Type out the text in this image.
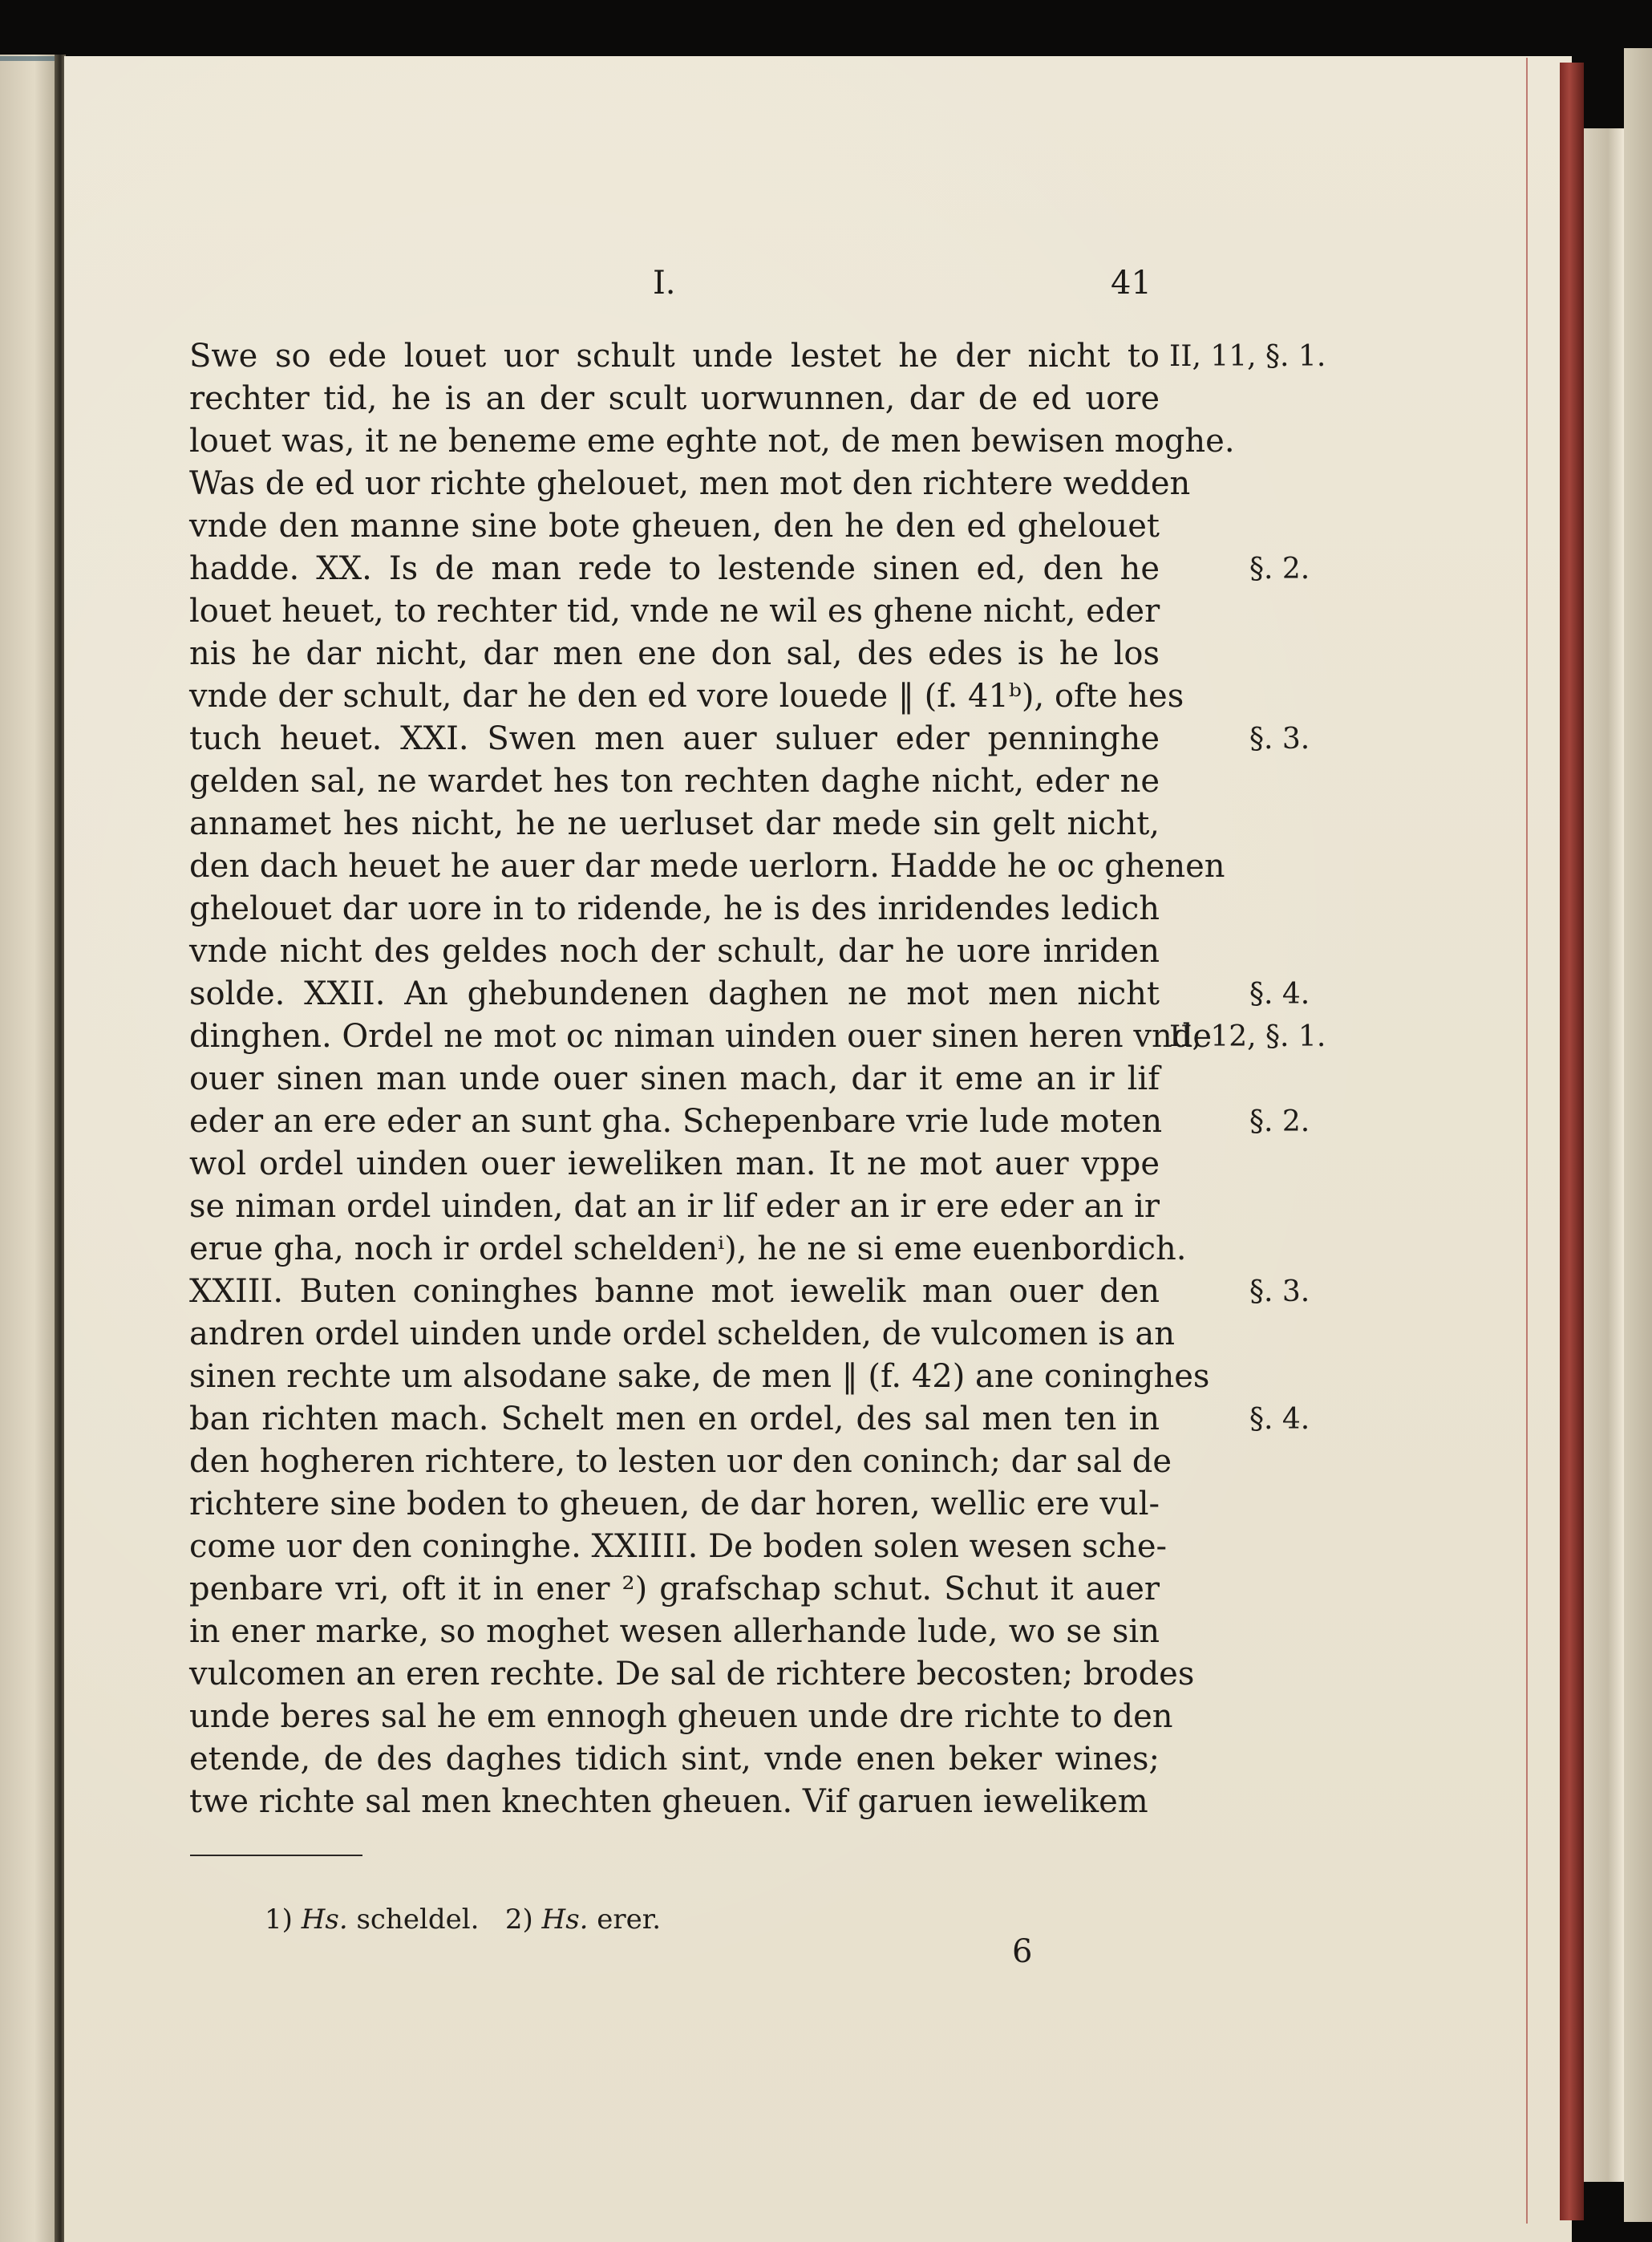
I.	41
Swe so ede louet uor schult unde lestet he der nicht to
rechter tid, he is an der scult uorwunnen, dar de ed uore
louet was, it ne beneme eme eghte not, de men bewisen moghe.
Was de ed uor richte ghelouet, men mot den richtere wedden
vnde den manne sine bote gheuen, den he den ed ghelouet
hadde. XX. Is de man rede to lestende sinen ed, den he
louet heuet, to rechter tid, vnde ne wil es ghene nicht, eder
nis he dar nicht, dar men ene don sal, des edes is he los
vnde der schult, dar he den ed vore louede ‖ (f. 41ᵇ), ofte hes
tuch heuet. XXI. Swen men auer suluer eder penninghe
gelden sal, ne wardet hes ton rechten daghe nicht, eder ne
annamet hes nicht, he ne uerluset dar mede sin gelt nicht,
den dach heuet he auer dar mede uerlorn. Hadde he oc ghenen
ghelouet dar uore in to ridende, he is des inridendes ledich
vnde nicht des geldes noch der schult, dar he uore inriden
solde. XXII. An ghebundenen daghen ne mot men nicht
dinghen. Ordel ne mot oc niman uinden ouer sinen heren vnde
ouer sinen man unde ouer sinen mach, dar it eme an ir lif
eder an ere eder an sunt gha. Schepenbare vrie lude moten
wol ordel uinden ouer ieweliken man. It ne mot auer vppe
se niman ordel uinden, dat an ir lif eder an ir ere eder an ir
erue gha, noch ir ordel scheldenⁱ), he ne si eme euenbordich.
XXIII. Buten coninghes banne mot iewelik man ouer den
andren ordel uinden unde ordel schelden, de vulcomen is an
sinen rechte um alsodane sake, de men ‖ (f. 42) ane coninghes
ban richten mach. Schelt men en ordel, des sal men ten in
den hogheren richtere, to lesten uor den coninch; dar sal de
richtere sine boden to gheuen, de dar horen, wellic ere vul-
come uor den coninghe. XXIIII. De boden solen wesen sche-
penbare vri, oft it in ener ²) grafschap schut. Schut it auer
in ener marke, so moghet wesen allerhande lude, wo se sin
vulcomen an eren rechte. De sal de richtere becosten; brodes
unde beres sal he em ennogh gheuen unde dre richte to den
etende, de des daghes tidich sint, vnde enen beker wines;
twe richte sal men knechten gheuen. Vif garuen iewelikem
II, 11, §. 1.
§. 2.
§. 3.
§. 4.
II, 12, §. 1.
§. 2.
§. 3.
§. 4.
1) Hs. scheldel. 2) Hs. erer.
6
